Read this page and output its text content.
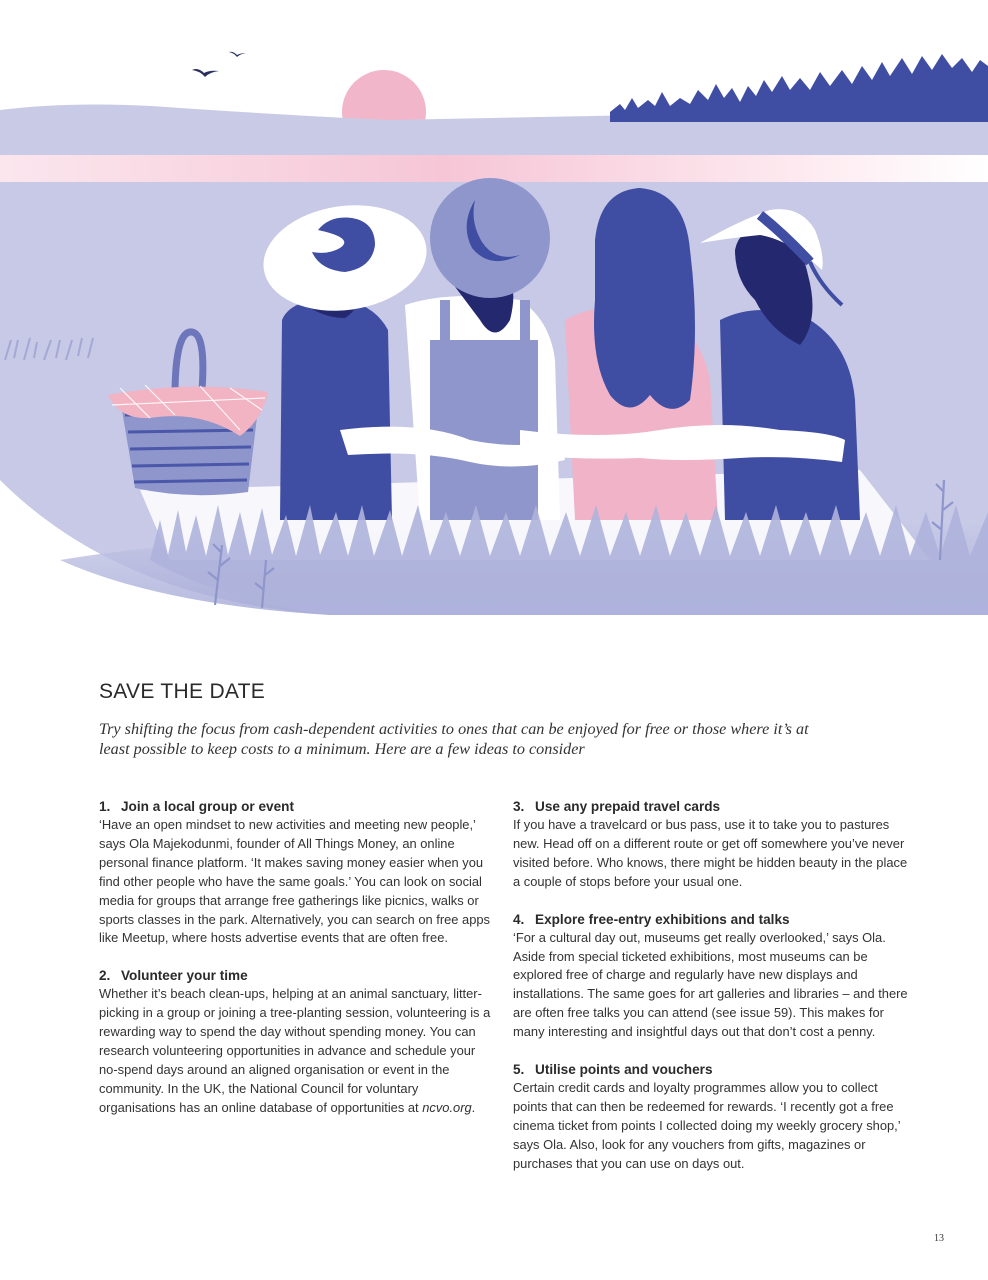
SAVE THE DATE

Try shifting the focus from cash-dependent activities to ones that can be enjoyed for free or those where it’s at least possible to keep costs to a minimum. Here are a few ideas to consider

1. Join a local group or event

‘Have an open mindset to new activities and meeting new people,’ says Ola Majekodunmi, founder of All Things Money, an online personal finance platform. ‘It makes saving money easier when you find other people who have the same goals.’ You can look on social media for groups that arrange free gatherings like picnics, walks or sports classes in the park. Alternatively, you can search on free apps like Meetup, where hosts advertise events that are often free.

2. Volunteer your time

Whether it’s beach clean-ups, helping at an animal sanctuary, litter-picking in a group or joining a tree-planting session, volunteering is a rewarding way to spend the day without spending money. You can research volunteering opportunities in advance and schedule your no-spend days around an aligned organisation or event in the community. In the UK, the National Council for voluntary organisations has an online database of opportunities at ncvo.org.

3. Use any prepaid travel cards

If you have a travelcard or bus pass, use it to take you to pastures new. Head off on a different route or get off somewhere you’ve never visited before. Who knows, there might be hidden beauty in the place a couple of stops before your usual one.

4. Explore free-entry exhibitions and talks

‘For a cultural day out, museums get really overlooked,’ says Ola. Aside from special ticketed exhibitions, most museums can be explored free of charge and regularly have new displays and installations. The same goes for art galleries and libraries – and there are often free talks you can attend (see issue 59). This makes for many interesting and insightful days out that don’t cost a penny.

5. Utilise points and vouchers

Certain credit cards and loyalty programmes allow you to collect points that can then be redeemed for rewards. ‘I recently got a free cinema ticket from points I collected doing my weekly grocery shop,’ says Ola. Also, look for any vouchers from gifts, magazines or purchases that you can use on days out.

13
